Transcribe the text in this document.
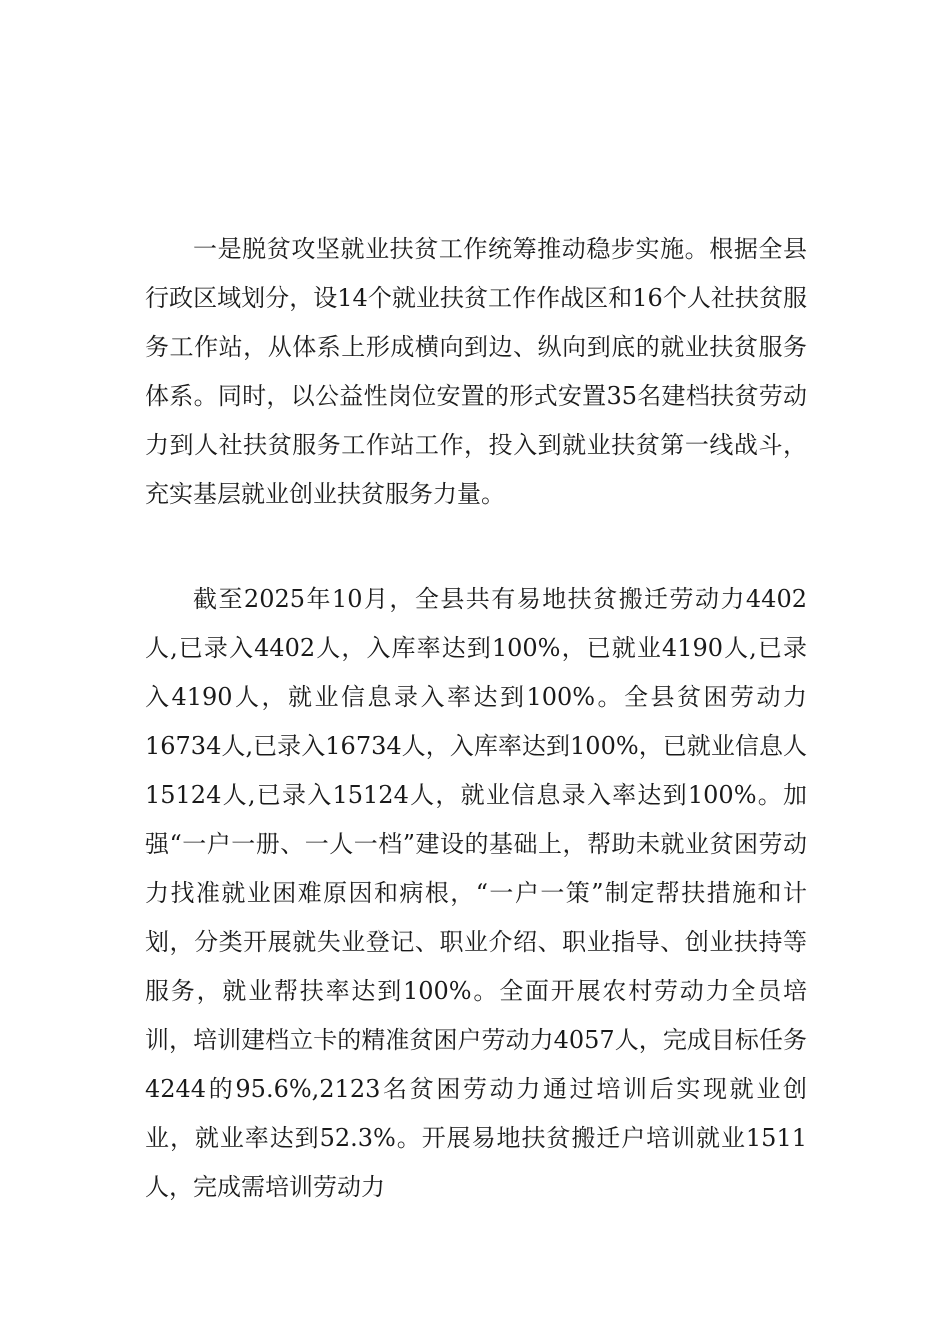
一是脱贫攻坚就业扶贫工作统筹推动稳步实施。根据全县行政区域划分，设14个就业扶贫工作作战区和16个人社扶贫服务工作站，从体系上形成横向到边、纵向到底的就业扶贫服务体系。同时，以公益性岗位安置的形式安置35名建档扶贫劳动力到人社扶贫服务工作站工作，投入到就业扶贫第一线战斗，充实基层就业创业扶贫服务力量。

截至2025年10月，全县共有易地扶贫搬迁劳动力4402人,已录入4402人，入库率达到100%，已就业4190人,已录入4190人，就业信息录入率达到100%。全县贫困劳动力16734人,已录入16734人，入库率达到100%，已就业信息人15124人,已录入15124人，就业信息录入率达到100%。加强“一户一册、一人一档”建设的基础上，帮助未就业贫困劳动力找准就业困难原因和病根，“一户一策”制定帮扶措施和计划，分类开展就失业登记、职业介绍、职业指导、创业扶持等服务，就业帮扶率达到100%。全面开展农村劳动力全员培训，培训建档立卡的精准贫困户劳动力4057人，完成目标任务4244的95.6%,2123名贫困劳动力通过培训后实现就业创业，就业率达到52.3%。开展易地扶贫搬迁户培训就业1511人，完成需培训劳动力
